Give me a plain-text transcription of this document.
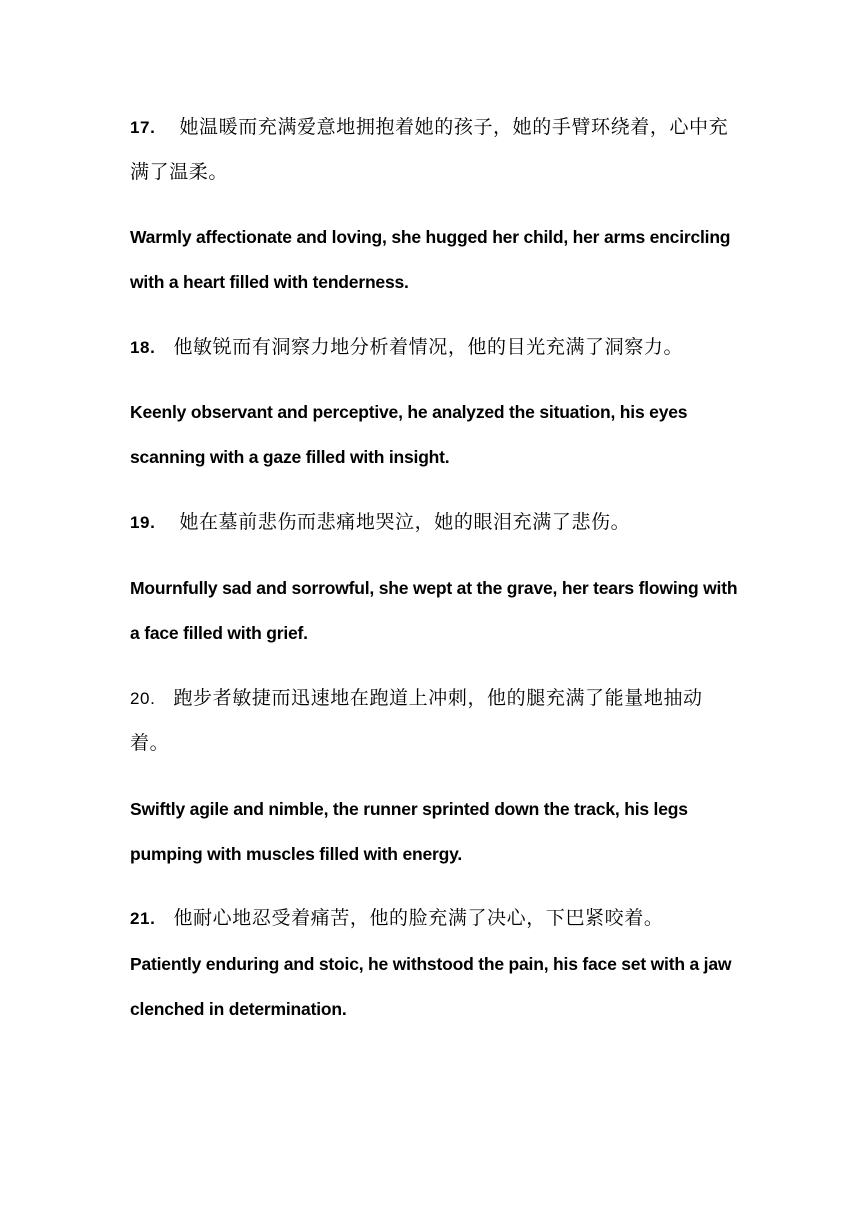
17. 她温暖而充满爱意地拥抱着她的孩子，她的手臂环绕着，心中充满了温柔。
Warmly affectionate and loving, she hugged her child, her arms encircling with a heart filled with tenderness.
18. 他敏锐而有洞察力地分析着情况，他的目光充满了洞察力。
Keenly observant and perceptive, he analyzed the situation, his eyes scanning with a gaze filled with insight.
19. 她在墓前悲伤而悲痛地哭泣，她的眼泪充满了悲伤。
Mournfully sad and sorrowful, she wept at the grave, her tears flowing with a face filled with grief.
20. 跑步者敏捷而迅速地在跑道上冲刺，他的腿充满了能量地抽动着。
Swiftly agile and nimble, the runner sprinted down the track, his legs pumping with muscles filled with energy.
21. 他耐心地忍受着痛苦，他的脸充满了决心，下巴紧咬着。
Patiently enduring and stoic, he withstood the pain, his face set with a jaw clenched in determination.
